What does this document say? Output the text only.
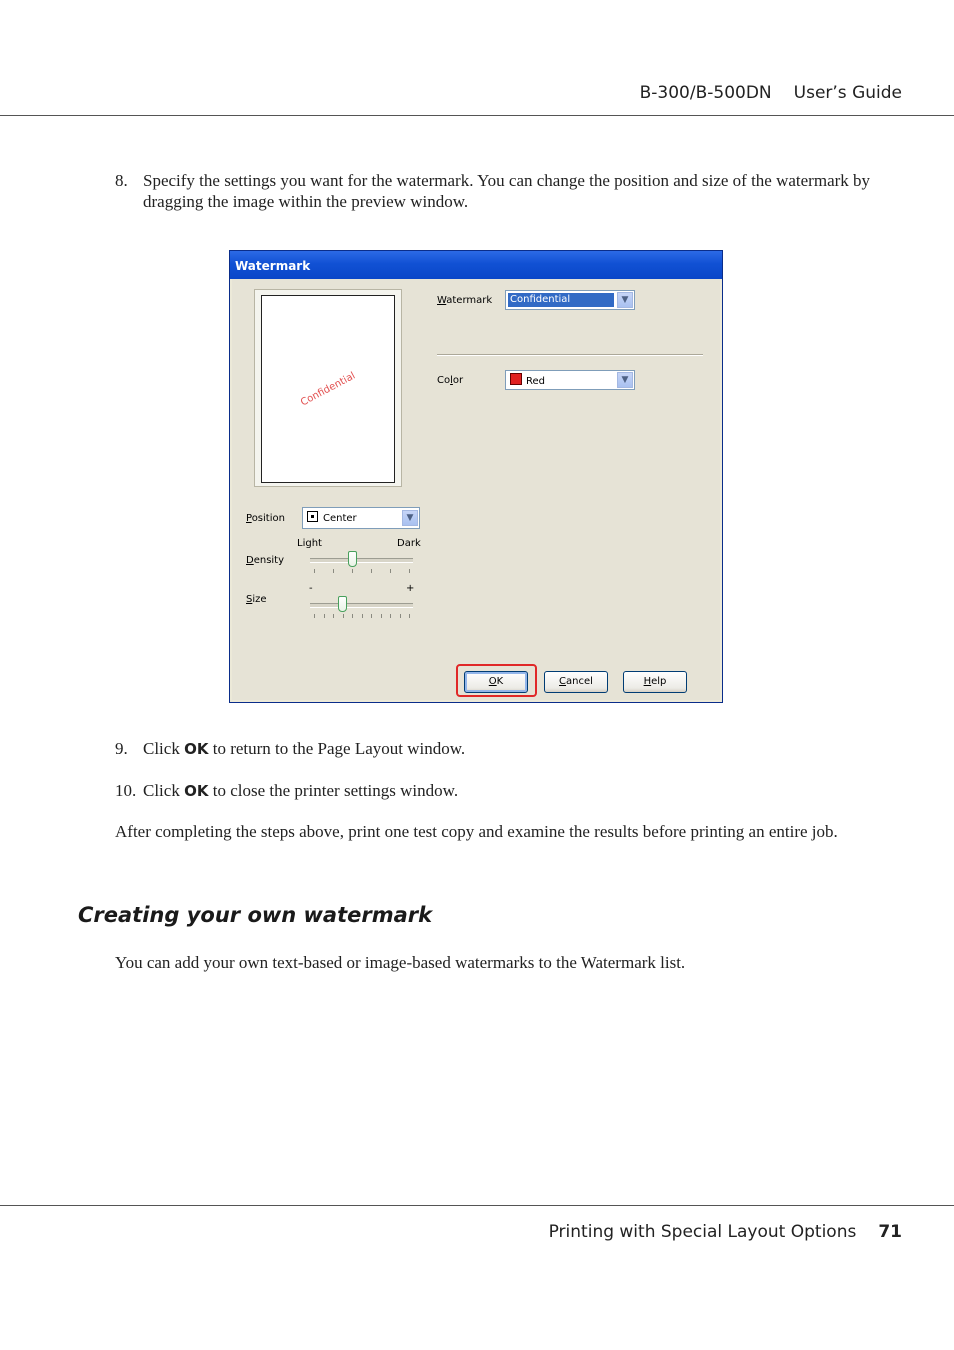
B-300/B-500DN User’s Guide
8. Specify the settings you want for the watermark. You can change the position and size of the watermark by dragging the image within the preview window.
Watermark
Confidential
Watermark Confidential	▼
Color	Red	▼
Position	Center	▼
Light	Dark
Density
-	+
Size
OK	Cancel	Help
9. Click OK to return to the Page Layout window.
10. Click OK to close the printer settings window.
After completing the steps above, print one test copy and examine the results before printing an entire job.
Creating your own watermark
You can add your own text-based or image-based watermarks to the Watermark list.
Printing with Special Layout Options 71
